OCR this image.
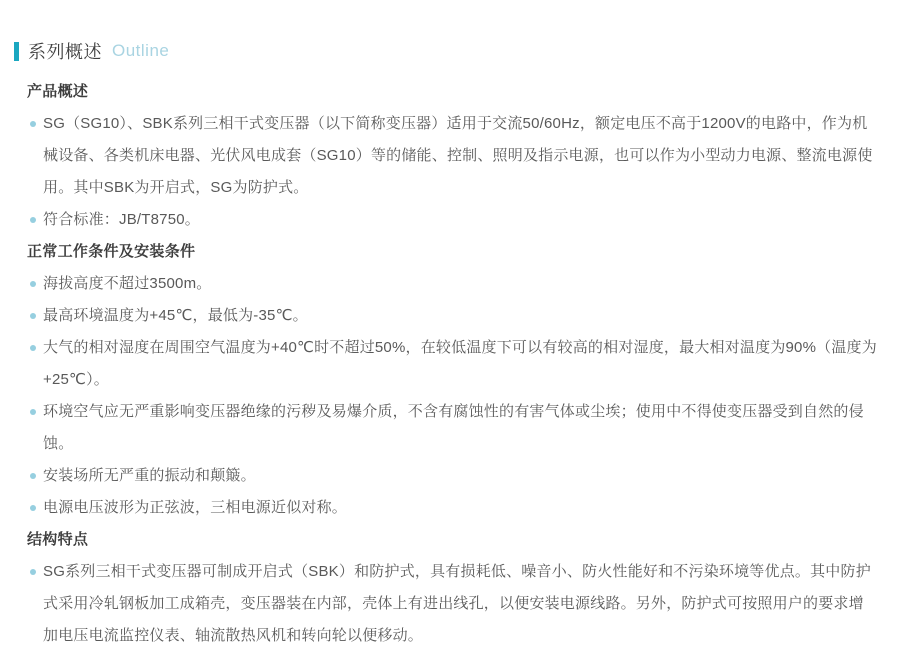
系列概述 Outline
产品概述
SG（SG10）、SBK系列三相干式变压器（以下简称变压器）适用于交流50/60Hz，额定电压不高于1200V的电路中，作为机械设备、各类机床电器、光伏风电成套（SG10）等的储能、控制、照明及指示电源，也可以作为小型动力电源、整流电源使用。其中SBK为开启式，SG为防护式。
符合标准：JB/T8750。
正常工作条件及安装条件
海拔高度不超过3500m。
最高环境温度为+45℃，最低为-35℃。
大气的相对湿度在周围空气温度为+40℃时不超过50%，在较低温度下可以有较高的相对湿度，最大相对温度为90%（温度为+25℃）。
环境空气应无严重影响变压器绝缘的污秽及易爆介质，不含有腐蚀性的有害气体或尘埃；使用中不得使变压器受到自然的侵蚀。
安装场所无严重的振动和颠簸。
电源电压波形为正弦波，三相电源近似对称。
结构特点
SG系列三相干式变压器可制成开启式（SBK）和防护式，具有损耗低、噪音小、防火性能好和不污染环境等优点。其中防护式采用冷轧钢板加工成箱壳，变压器装在内部，壳体上有进出线孔，以便安装电源线路。另外，防护式可按照用户的要求增加电压电流监控仪表、轴流散热风机和转向轮以便移动。
